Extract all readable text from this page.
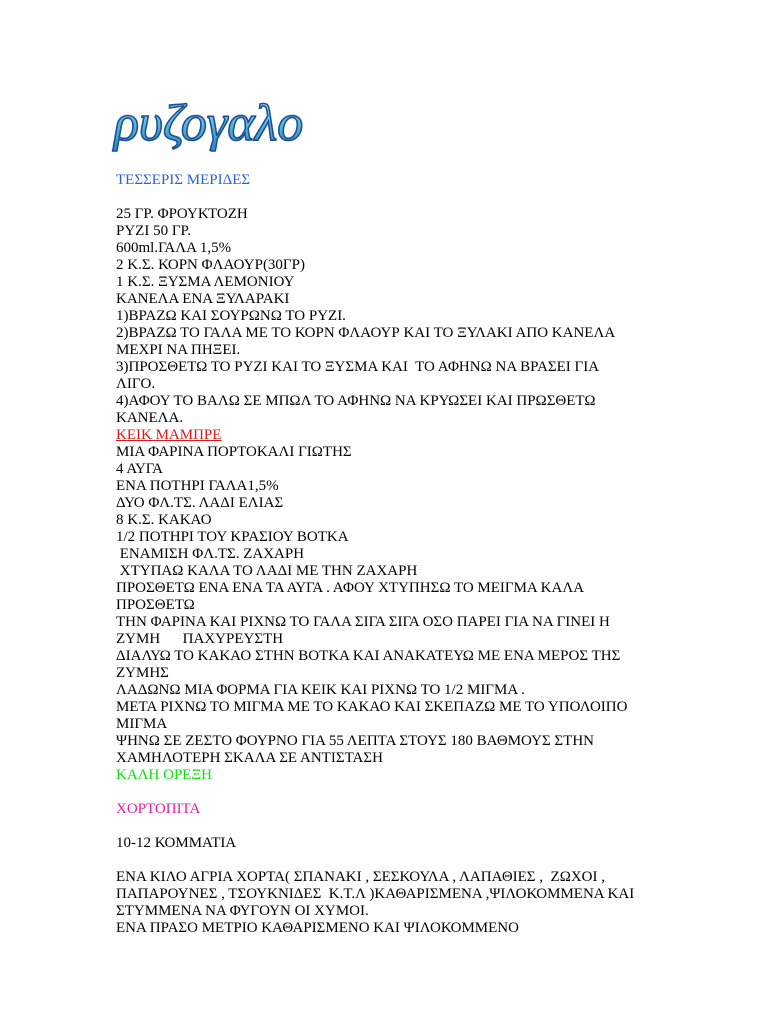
ρυζογαλο
ΤΕΣΣΕΡΙΣ ΜΕΡΙΔΕΣ
25 ΓΡ. ΦΡΟΥΚΤΟΖΗ
ΡΥΖΙ 50 ΓΡ.
600ml.ΓΑΛΑ 1,5%
2 Κ.Σ. ΚΟΡΝ ΦΛΑΟΥΡ(30ΓΡ)
1 Κ.Σ. ΞΥΣΜΑ ΛΕΜΟΝΙΟΥ
ΚΑΝΕΛΑ ΕΝΑ ΞΥΛΑΡΑΚΙ
1)ΒΡΑΖΩ ΚΑΙ ΣΟΥΡΩΝΩ ΤΟ ΡΥΖΙ.
2)ΒΡΑΖΩ ΤΟ ΓΑΛΑ ΜΕ ΤΟ ΚΟΡΝ ΦΛΑΟΥΡ ΚΑΙ ΤΟ ΞΥΛΑΚΙ ΑΠΟ ΚΑΝΕΛΑ
ΜΕΧΡΙ ΝΑ ΠΗΞΕΙ.
3)ΠΡΟΣΘΕΤΩ ΤΟ ΡΥΖΙ ΚΑΙ ΤΟ ΞΥΣΜΑ ΚΑΙ  ΤΟ ΑΦΗΝΩ ΝΑ ΒΡΑΣΕΙ ΓΙΑ
ΛΙΓΟ.
4)ΑΦΟΥ ΤΟ ΒΑΛΩ ΣΕ ΜΠΩΛ ΤΟ ΑΦΗΝΩ ΝΑ ΚΡΥΩΣΕΙ ΚΑΙ ΠΡΩΣΘΕΤΩ
ΚΑΝΕΛΑ.
ΚΕΙΚ ΜΑΜΠΡΕ
ΜΙΑ ΦΑΡΙΝΑ ΠΟΡΤΟΚΑΛΙ ΓΙΩΤΗΣ
4 ΑΥΓΑ
ΕΝΑ ΠΟΤΗΡΙ ΓΑΛΑ1,5%
ΔΥΟ ΦΛ.ΤΣ. ΛΑΔΙ ΕΛΙΑΣ
8 Κ.Σ. ΚΑΚΑΟ
1/2 ΠΟΤΗΡΙ ΤΟΥ ΚΡΑΣΙΟΥ ΒΟΤΚΑ
ΕΝΑΜΙΣΗ ΦΛ.ΤΣ. ΖΑΧΑΡΗ
ΧΤΥΠΑΩ ΚΑΛΑ ΤΟ ΛΑΔΙ ΜΕ ΤΗΝ ΖΑΧΑΡΗ
ΠΡΟΣΘΕΤΩ ΕΝΑ ΕΝΑ ΤΑ ΑΥΓΑ . ΑΦΟΥ ΧΤΥΠΗΣΩ ΤΟ ΜΕΙΓΜΑ ΚΑΛΑ
ΠΡΟΣΘΕΤΩ
ΤΗΝ ΦΑΡΙΝΑ ΚΑΙ ΡΙΧΝΩ ΤΟ ΓΑΛΑ ΣΙΓΑ ΣΙΓΑ ΟΣΟ ΠΑΡΕΙ ΓΙΑ ΝΑ ΓΙΝΕΙ Η
ΖΥΜΗ      ΠΑΧΥΡΕΥΣΤΗ
ΔΙΑΛΥΩ ΤΟ ΚΑΚΑΟ ΣΤΗΝ ΒΟΤΚΑ ΚΑΙ ΑΝΑΚΑΤΕΥΩ ΜΕ ΕΝΑ ΜΕΡΟΣ ΤΗΣ
ΖΥΜΗΣ
ΛΑΔΩΝΩ ΜΙΑ ΦΟΡΜΑ ΓΙΑ ΚΕΙΚ ΚΑΙ ΡΙΧΝΩ ΤΟ 1/2 ΜΙΓΜΑ .
ΜΕΤΑ ΡΙΧΝΩ ΤΟ ΜΙΓΜΑ ΜΕ ΤΟ ΚΑΚΑΟ ΚΑΙ ΣΚΕΠΑΖΩ ΜΕ ΤΟ ΥΠΟΛΟΙΠΟ
ΜΙΓΜΑ
ΨΗΝΩ ΣΕ ΖΕΣΤΟ ΦΟΥΡΝΟ ΓΙΑ 55 ΛΕΠΤΑ ΣΤΟΥΣ 180 ΒΑΘΜΟΥΣ ΣΤΗΝ
ΧΑΜΗΛΟΤΕΡΗ ΣΚΑΛΑ ΣΕ ΑΝΤΙΣΤΑΣΗ
ΚΑΛΗ ΟΡΕΞΗ
ΧΟΡΤΟΠΙΤΑ
10-12 ΚΟΜΜΑΤΙΑ
ΕΝΑ ΚΙΛΟ ΑΓΡΙΑ ΧΟΡΤΑ( ΣΠΑΝΑΚΙ , ΣΕΣΚΟΥΛΑ , ΛΑΠΑΘΙΕΣ ,  ΖΩΧΟΙ ,
ΠΑΠΑΡΟΥΝΕΣ , ΤΣΟΥΚΝΙΔΕΣ  Κ.Τ.Λ )ΚΑΘΑΡΙΣΜΕΝΑ ,ΨΙΛΟΚΟΜΜΕΝΑ ΚΑΙ
ΣΤΥΜΜΕΝΑ ΝΑ ΦΥΓΟΥΝ ΟΙ ΧΥΜΟΙ.
ΕΝΑ ΠΡΑΣΟ ΜΕΤΡΙΟ ΚΑΘΑΡΙΣΜΕΝΟ ΚΑΙ ΨΙΛΟΚΟΜΜΕΝΟ
